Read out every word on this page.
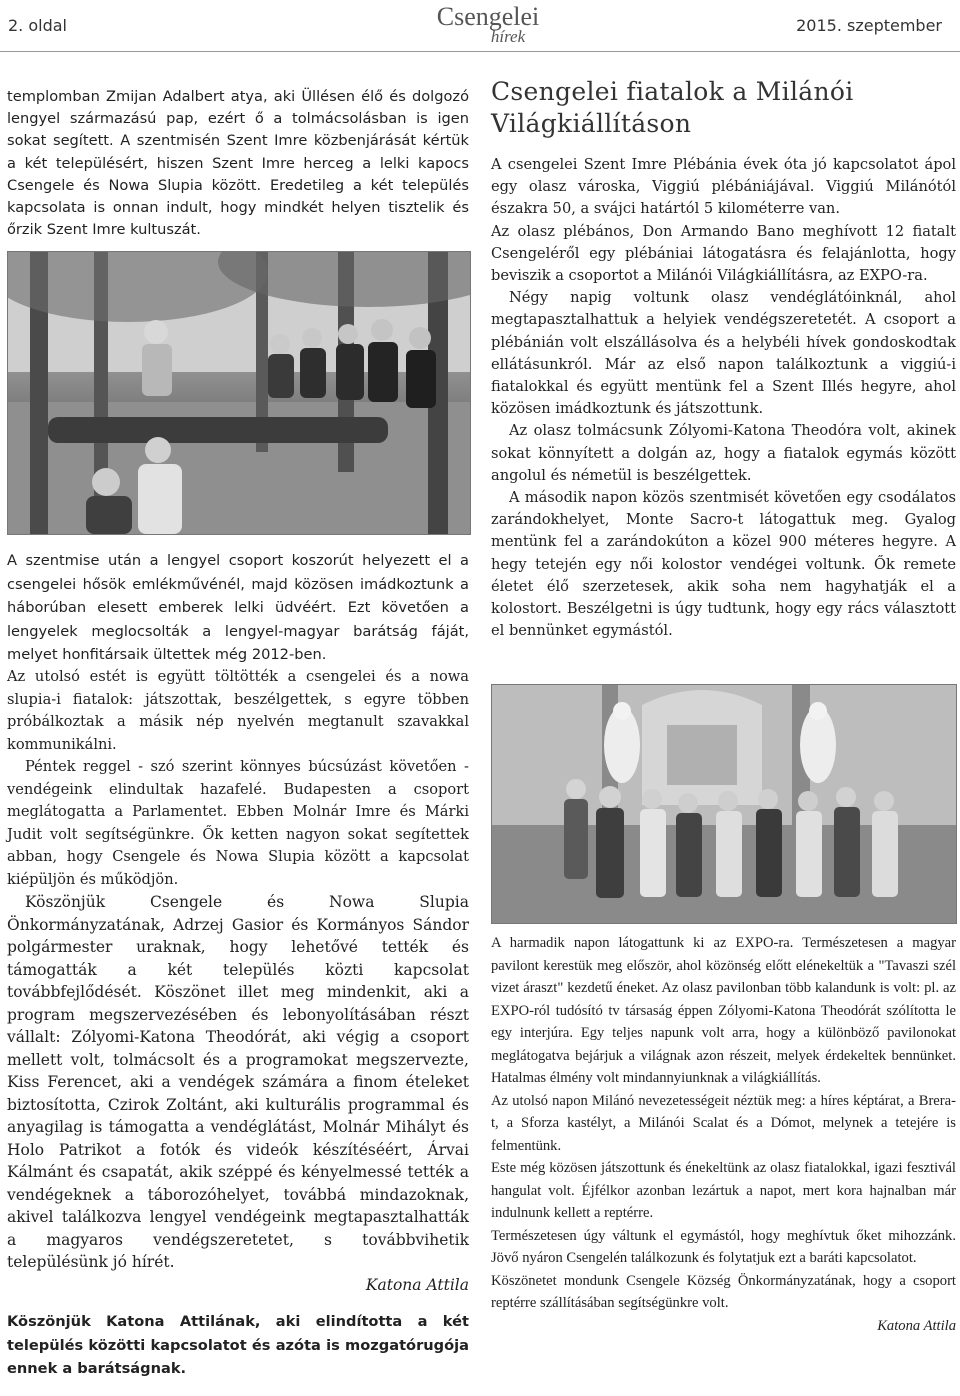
2. oldal	Csengelei
hírek
2015. szeptember

templomban Zmijan Adalbert atya, aki Üllésen élő és dolgozó lengyel származású pap, ezért ő a tolmácsolásban is igen sokat segített. A szentmisén Szent Imre közbenjárását kértük a két településért, hiszen Szent Imre herceg a lelki kapocs Csengele és Nowa Slupia között. Eredetileg a két település kapcsolata is onnan indult, hogy mindkét helyen tisztelik és őrzik Szent Imre kultuszát.

A szentmise után a lengyel csoport koszorút helyezett el a csengelei hősök emlékművénél, majd közösen imádkoztunk a háborúban elesett emberek lelki üdvéért. Ezt követően a lengyelek meglocsolták a lengyel-magyar barátság fáját, melyet honfitársaik ültettek még 2012-ben.

Az utolsó estét is együtt töltötték a csengelei és a nowa slupia-i fiatalok: játszottak, beszélgettek, s egyre többen próbálkoztak a másik nép nyelvén megtanult szavakkal kommunikálni.

Péntek reggel - szó szerint könnyes búcsúzást követően - vendégeink elindultak hazafelé. Budapesten a csoport meglátogatta a Parlamentet. Ebben Molnár Imre és Márki Judit volt segítségünkre. Ők ketten nagyon sokat segítettek abban, hogy Csengele és Nowa Slupia között a kapcsolat kiépüljön és működjön.

Köszönjük Csengele és Nowa Slupia Önkormányzatának, Adrzej Gasior és Kormányos Sándor polgármester uraknak, hogy lehetővé tették és támogatták a két település közti kapcsolat továbbfejlődését. Köszönet illet meg mindenkit, aki a program megszervezésében és lebonyolításában részt vállalt: Zólyomi-Katona Theodórát, aki végig a csoport mellett volt, tolmácsolt és a programokat megszervezte, Kiss Ferencet, aki a vendégek számára a finom ételeket biztosította, Czirok Zoltánt, aki kulturális programmal és anyagilag is támogatta a vendéglátást, Molnár Mihályt és Holo Patrikot a fotók és videók készítéséért, Árvai Kálmánt és csapatát, akik széppé és kényelmessé tették a vendégeknek a táborozóhelyet, továbbá mindazoknak, akivel találkozva lengyel vendégeink megtapasztalhatták a magyaros vendégszeretetet, s továbbvihetik településünk jó hírét.

Katona Attila

Köszönjük Katona Attilának, aki elindította a két település közötti kapcsolatot és azóta is mozgatórugója ennek a barátságnak.

Csengelei fiatalok a Milánói Világkiállításon

A csengelei Szent Imre Plébánia évek óta jó kapcsolatot ápol egy olasz városka, Viggiú plébániájával. Viggiú Milánótól északra 50, a svájci határtól 5 kilométerre van.

Az olasz plébános, Don Armando Bano meghívott 12 fiatalt Csengeléről egy plébániai látogatásra és felajánlotta, hogy beviszik a csoportot a Milánói Világkiállításra, az EXPO-ra.

Négy napig voltunk olasz vendéglátóinknál, ahol megtapasztalhattuk a helyiek vendégszeretetét. A csoport a plébánián volt elszállásolva és a helybéli hívek gondoskodtak ellátásunkról. Már az első napon találkoztunk a viggiú-i fiatalokkal és együtt mentünk fel a Szent Illés hegyre, ahol közösen imádkoztunk és játszottunk.

Az olasz tolmácsunk Zólyomi-Katona Theodóra volt, akinek sokat könnyített a dolgán az, hogy a fiatalok egymás között angolul és németül is beszélgettek.

A második napon közös szentmisét követően egy csodálatos zarándokhelyet, Monte Sacro-t látogattuk meg. Gyalog mentünk fel a zarándokúton a közel 900 méteres hegyre. A hegy tetején egy női kolostor vendégei voltunk. Ők remete életet élő szerzetesek, akik soha nem hagyhatják el a kolostort. Beszélgetni is úgy tudtunk, hogy egy rács választott el bennünket egymástól.

A harmadik napon látogattunk ki az EXPO-ra. Természetesen a magyar pavilont kerestük meg először, ahol közönség előtt elénekeltük a "Tavaszi szél vizet áraszt" kezdetű éneket. Az olasz pavilonban több kalandunk is volt: pl. az EXPO-ról tudósító tv társaság éppen Zólyomi-Katona Theodórát szólította le egy interjúra. Egy teljes napunk volt arra, hogy a különböző pavilonokat meglátogatva bejárjuk a világnak azon részeit, melyek érdekeltek bennünket. Hatalmas élmény volt mindannyiunknak a világkiállítás.

Az utolsó napon Milánó nevezetességeit néztük meg: a híres képtárat, a Brera-t, a Sforza kastélyt, a Milánói Scalat és a Dómot, melynek a tetejére is felmentünk.

Este még közösen játszottunk és énekeltünk az olasz fiatalokkal, igazi fesztivál hangulat volt. Éjfélkor azonban lezártuk a napot, mert kora hajnalban már indulnunk kellett a reptérre.

Természetesen úgy váltunk el egymástól, hogy meghívtuk őket mihozzánk. Jövő nyáron Csengelén találkozunk és folytatjuk ezt a baráti kapcsolatot.

Köszönetet mondunk Csengele Község Önkormányzatának, hogy a csoport reptérre szállításában segítségünkre volt.

Katona Attila
